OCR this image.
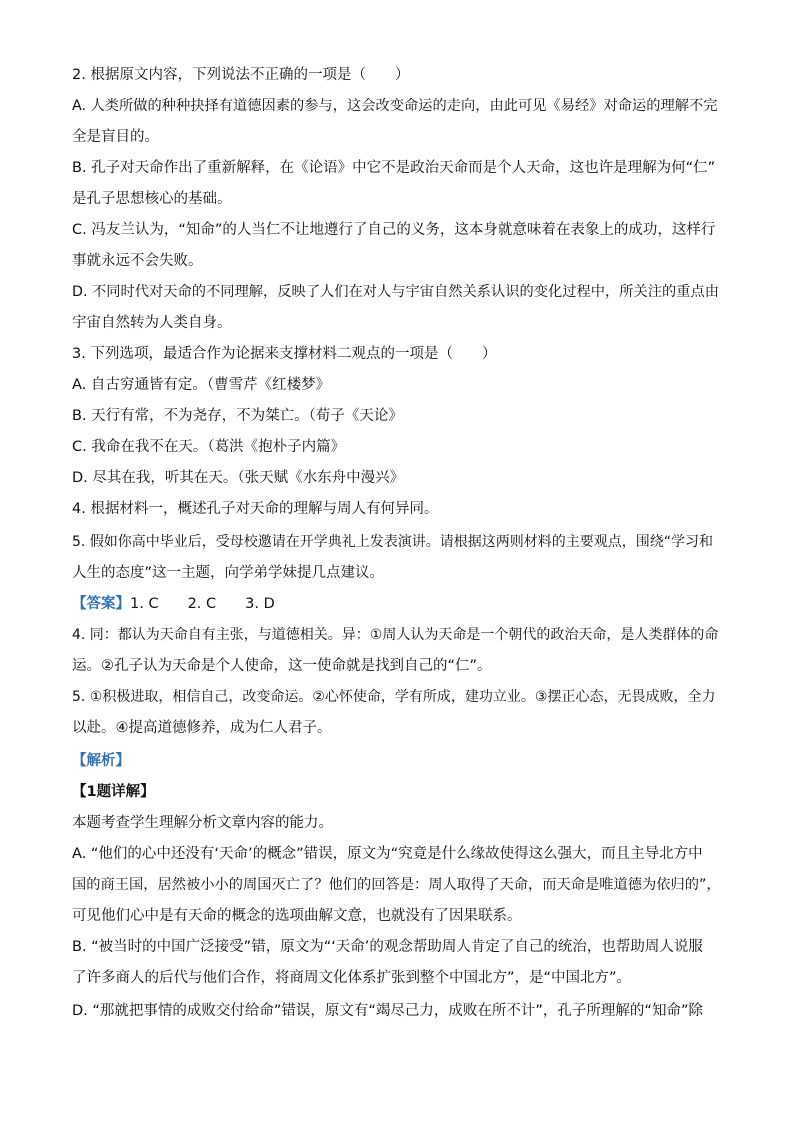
2. 根据原文内容，下列说法不正确的一项是（　　）
A. 人类所做的种种抉择有道德因素的参与，这会改变命运的走向，由此可见《易经》对命运的理解不完
全是盲目的。
B. 孔子对天命作出了重新解释，在《论语》中它不是政治天命而是个人天命，这也许是理解为何“仁”
是孔子思想核心的基础。
C. 冯友兰认为，“知命”的人当仁不让地遵行了自己的义务，这本身就意味着在表象上的成功，这样行
事就永远不会失败。
D. 不同时代对天命的不同理解，反映了人们在对人与宇宙自然关系认识的变化过程中，所关注的重点由
宇宙自然转为人类自身。
3. 下列选项，最适合作为论据来支撑材料二观点的一项是（　　）
A. 自古穷通皆有定。（曹雪芹《红楼梦》
B. 天行有常，不为尧存，不为桀亡。（荀子《天论》
C. 我命在我不在天。（葛洪《抱朴子内篇》
D. 尽其在我，听其在天。（张天赋《水东舟中漫兴》
4. 根据材料一，概述孔子对天命的理解与周人有何异同。
5. 假如你高中毕业后，受母校邀请在开学典礼上发表演讲。请根据这两则材料的主要观点，围绕“学习和
人生的态度”这一主题，向学弟学妹提几点建议。
【答案】1. C　　2. C　　3. D
4. 同：都认为天命自有主张，与道德相关。异：①周人认为天命是一个朝代的政治天命，是人类群体的命
运。②孔子认为天命是个人使命，这一使命就是找到自己的“仁”。
5. ①积极进取，相信自己，改变命运。②心怀使命，学有所成，建功立业。③摆正心态，无畏成败，全力
以赴。④提高道德修养，成为仁人君子。
【解析】
【1题详解】
本题考查学生理解分析文章内容的能力。
A. “他们的心中还没有‘天命’的概念”错误，原文为“究竟是什么缘故使得这么强大，而且主导北方中
国的商王国，居然被小小的周国灭亡了？他们的回答是：周人取得了天命，而天命是唯道德为依归的”，
可见他们心中是有天命的概念的选项曲解文意，也就没有了因果联系。
B. “被当时的中国广泛接受”错，原文为“‘天命’的观念帮助周人肯定了自己的统治，也帮助周人说服
了许多商人的后代与他们合作，将商周文化体系扩张到整个中国北方”，是“中国北方”。
D. “那就把事情的成败交付给命”错误，原文有“竭尽己力，成败在所不计”，孔子所理解的“知命”除
